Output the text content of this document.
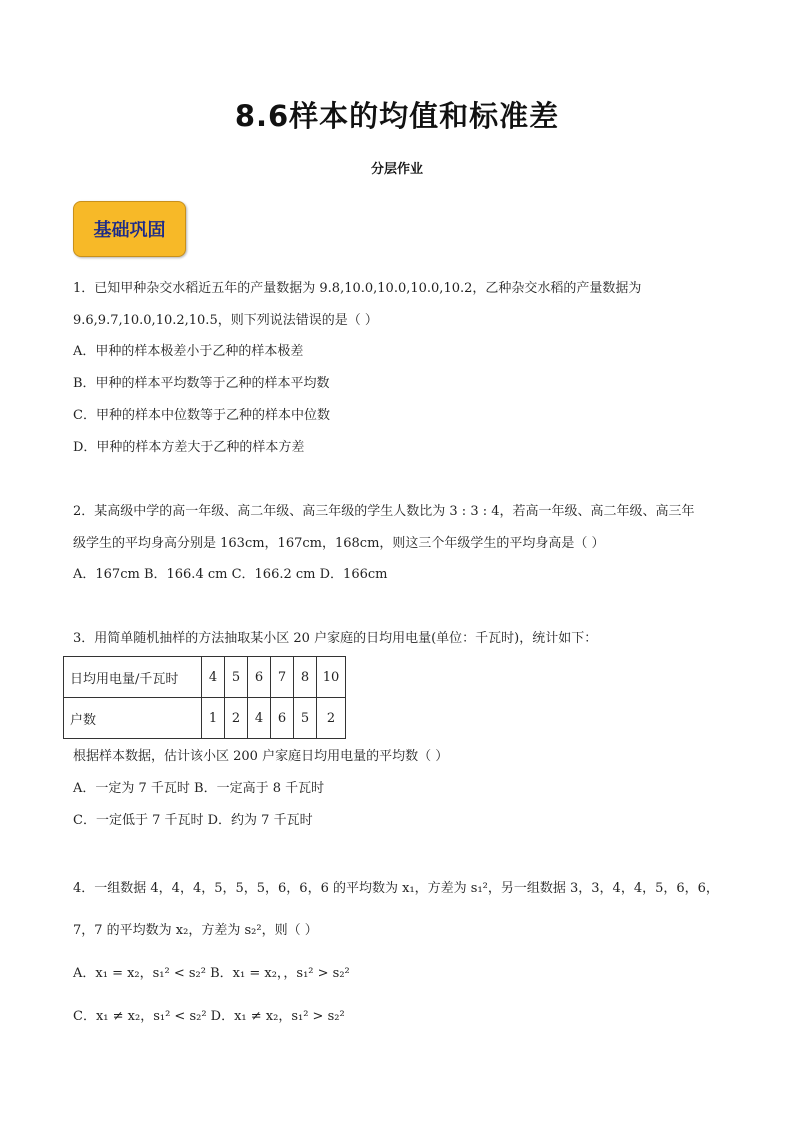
8.6样本的均值和标准差
分层作业
基础巩固
1．已知甲种杂交水稻近五年的产量数据为 9.8,10.0,10.0,10.0,10.2，乙种杂交水稻的产量数据为
9.6,9.7,10.0,10.2,10.5，则下列说法错误的是（ ）
A．甲种的样本极差小于乙种的样本极差
B．甲种的样本平均数等于乙种的样本平均数
C．甲种的样本中位数等于乙种的样本中位数
D．甲种的样本方差大于乙种的样本方差
2．某高级中学的高一年级、高二年级、高三年级的学生人数比为 3 : 3 : 4，若高一年级、高二年级、高三年
级学生的平均身高分别是 163cm，167cm，168cm，则这三个年级学生的平均身高是（ ）
A．167cm B．166.4 cm C．166.2 cm D．166cm
3．用简单随机抽样的方法抽取某小区 20 户家庭的日均用电量(单位：千瓦时)，统计如下：
日均用电量/千瓦时	4	5	6	7	8	10
户数	1	2	4	6	5	2
根据样本数据，估计该小区 200 户家庭日均用电量的平均数（ ）
A．一定为 7 千瓦时 B．一定高于 8 千瓦时
C．一定低于 7 千瓦时 D．约为 7 千瓦时
4．一组数据 4，4，4，5，5，5，6，6，6 的平均数为 x₁，方差为 s₁²，另一组数据 3，3，4，4，5，6，6，
7，7 的平均数为 x₂，方差为 s₂²，则（ ）
A．x₁ = x₂，s₁² < s₂² B．x₁ = x₂，，s₁² > s₂²
C．x₁ ≠ x₂，s₁² < s₂² D．x₁ ≠ x₂，s₁² > s₂²
